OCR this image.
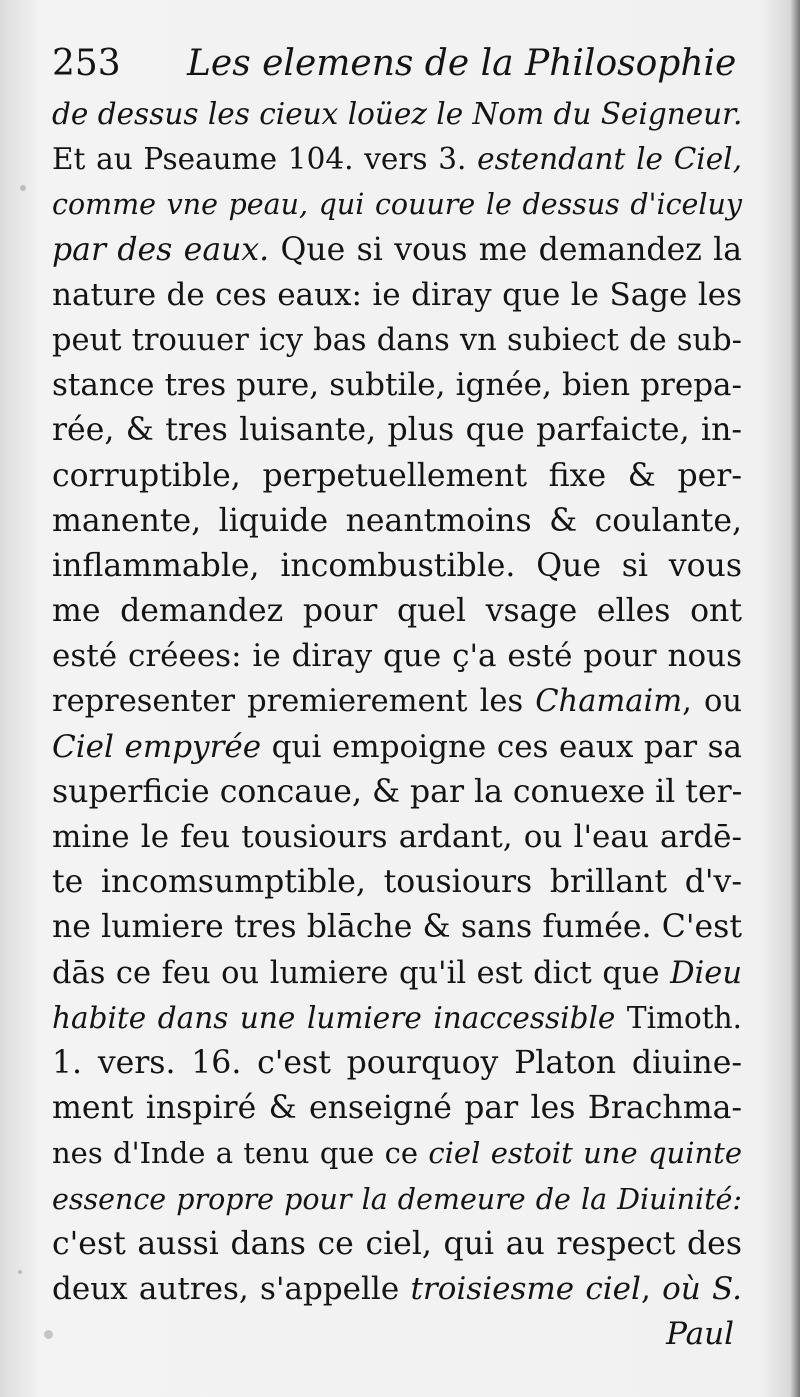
253 Les elemens de la Philosophie
de dessus les cieux loüez le Nom du Seigneur.
Et au Pseaume 104. vers 3. estendant le Ciel,
comme vne peau, qui couure le dessus d'iceluy
par des eaux. Que si vous me demandez la
nature de ces eaux: ie diray que le Sage les
peut trouuer icy bas dans vn subiect de sub-
stance tres pure, subtile, ignée, bien prepa-
rée, & tres luisante, plus que parfaicte, in-
corruptible, perpetuellement fixe & per-
manente, liquide neantmoins & coulante,
inflammable, incombustible. Que si vous
me demandez pour quel vsage elles ont
esté créees: ie diray que ç'a esté pour nous
representer premierement les Chamaim, ou
Ciel empyrée qui empoigne ces eaux par sa
superficie concaue, & par la conuexe il ter-
mine le feu tousiours ardant, ou l'eau ardē-
te incomsumptible, tousiours brillant d'v-
ne lumiere tres blāche & sans fumée. C'est
dās ce feu ou lumiere qu'il est dict que Dieu
habite dans une lumiere inaccessible Timoth.
1. vers. 16. c'est pourquoy Platon diuine-
ment inspiré & enseigné par les Brachma-
nes d'Inde a tenu que ce ciel estoit une quinte
essence propre pour la demeure de la Diuinité:
c'est aussi dans ce ciel, qui au respect des
deux autres, s'appelle troisiesme ciel, où S.
Paul
